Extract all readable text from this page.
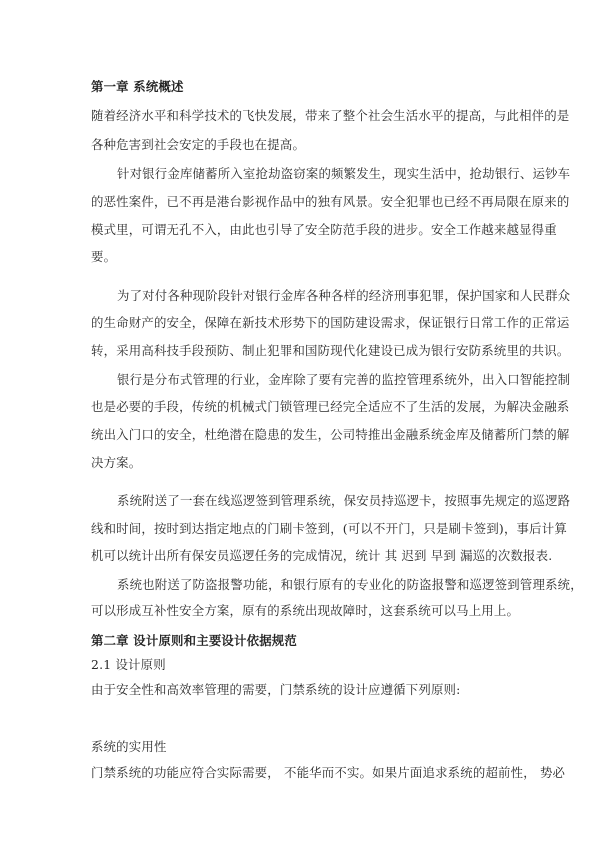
第一章 系统概述
随着经济水平和科学技术的飞快发展，带来了整个社会生活水平的提高，与此相伴的是
各种危害到社会安定的手段也在提高。
针对银行金库储蓄所入室抢劫盗窃案的频繁发生，现实生活中，抢劫银行、运钞车
的恶性案件，已不再是港台影视作品中的独有风景。安全犯罪也已经不再局限在原来的
模式里，可谓无孔不入，由此也引导了安全防范手段的进步。安全工作越来越显得重
要。
为了对付各种现阶段针对银行金库各种各样的经济刑事犯罪，保护国家和人民群众
的生命财产的安全，保障在新技术形势下的国防建设需求，保证银行日常工作的正常运
转，采用高科技手段预防、制止犯罪和国防现代化建设已成为银行安防系统里的共识。
银行是分布式管理的行业，金库除了要有完善的监控管理系统外，出入口智能控制
也是必要的手段，传统的机械式门锁管理已经完全适应不了生活的发展，为解决金融系
统出入门口的安全，杜绝潜在隐患的发生，公司特推出金融系统金库及储蓄所门禁的解
决方案。
系统附送了一套在线巡逻签到管理系统，保安员持巡逻卡，按照事先规定的巡逻路
线和时间，按时到达指定地点的门刷卡签到，(可以不开门，只是刷卡签到)，事后计算
机可以统计出所有保安员巡逻任务的完成情况，统计 其 迟到 早到 漏巡的次数报表.
系统也附送了防盗报警功能，和银行原有的专业化的防盗报警和巡逻签到管理系统，
可以形成互补性安全方案，原有的系统出现故障时，这套系统可以马上用上。
第二章 设计原则和主要设计依据规范
2.1 设计原则
由于安全性和高效率管理的需要，门禁系统的设计应遵循下列原则:
系统的实用性
门禁系统的功能应符合实际需要， 不能华而不实。如果片面追求系统的超前性， 势必
